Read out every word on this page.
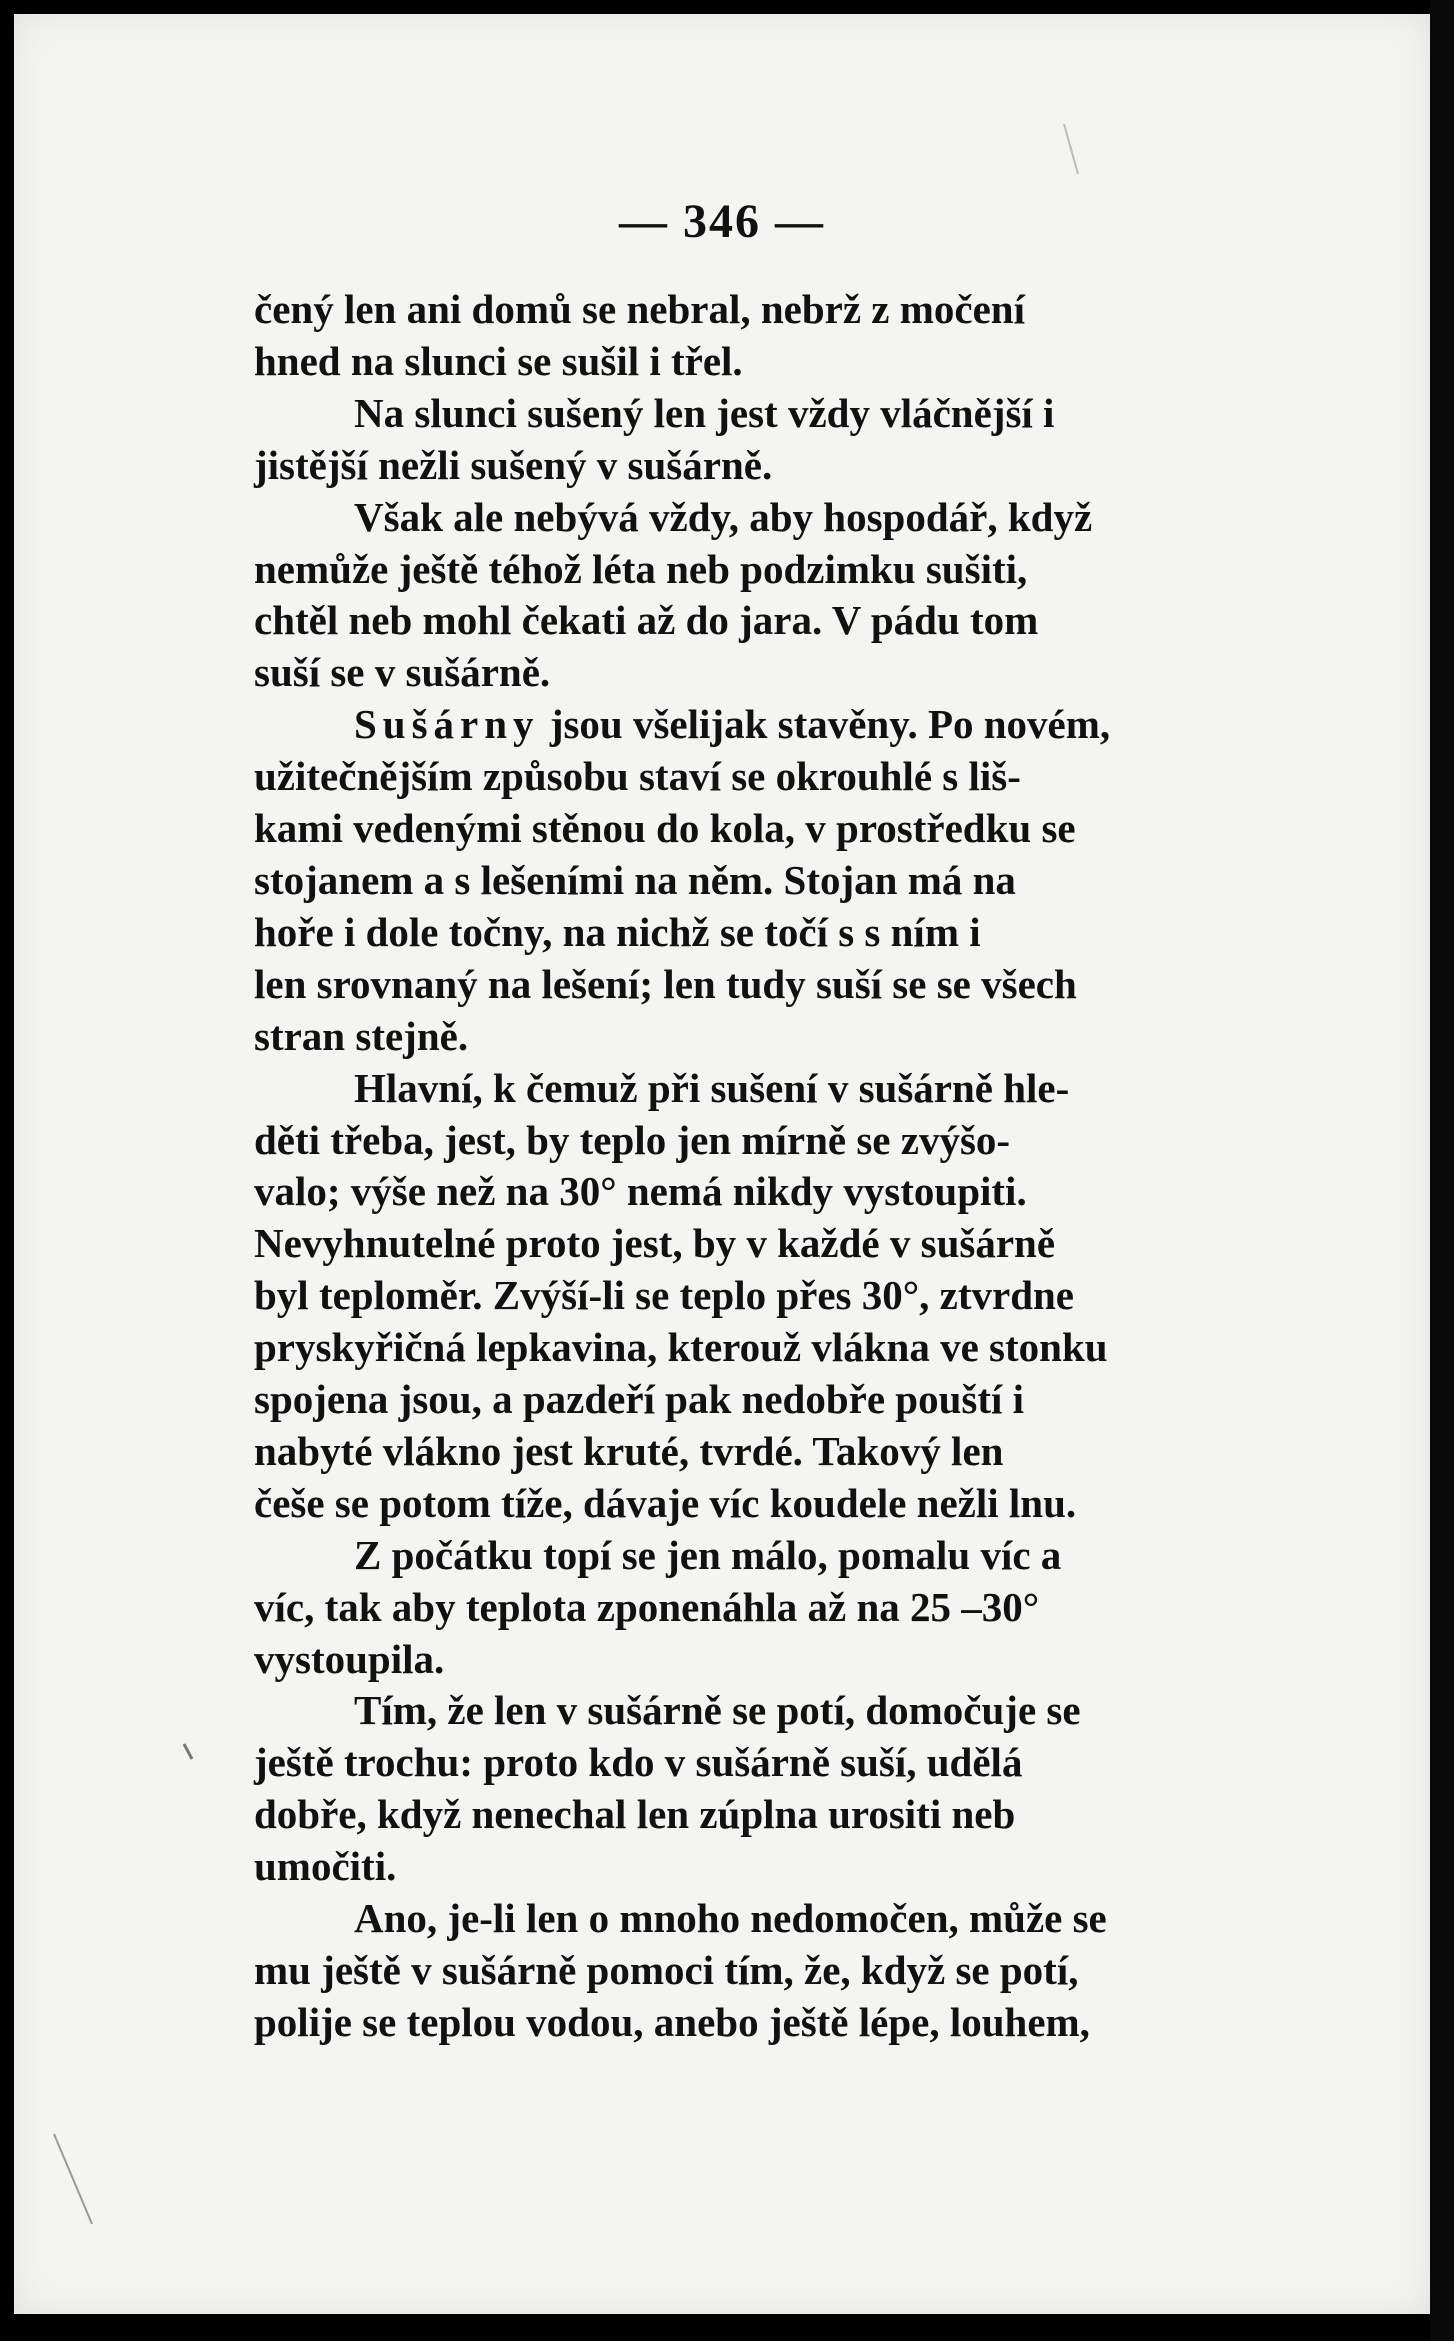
— 346 —

čený len ani domů se nebral, nebrž z močení
hned na slunci se sušil i třel.

Na slunci sušený len jest vždy vláčnější i
jistější nežli sušený v sušárně.

Však ale nebývá vždy, aby hospodář, když
nemůže ještě téhož léta neb podzimku sušiti,
chtěl neb mohl čekati až do jara. V pádu tom
suší se v sušárně.

Sušárny jsou všelijak stavěny. Po novém,
užitečnějším způsobu staví se okrouhlé s liš-
kami vedenými stěnou do kola, v prostředku se
stojanem a s lešeními na něm. Stojan má na
hoře i dole točny, na nichž se točí s s ním i
len srovnaný na lešení; len tudy suší se se všech
stran stejně.

Hlavní, k čemuž při sušení v sušárně hle-
děti třeba, jest, by teplo jen mírně se zvýšo-
valo; výše než na 30° nemá nikdy vystoupiti.
Nevyhnutelné proto jest, by v každé v sušárně
byl teploměr. Zvýší-li se teplo přes 30°, ztvrdne
pryskyřičná lepkavina, kterouž vlákna ve stonku
spojena jsou, a pazdeří pak nedobře pouští i
nabyté vlákno jest kruté, tvrdé. Takový len
češe se potom tíže, dávaje víc koudele nežli lnu.

Z počátku topí se jen málo, pomalu víc a
víc, tak aby teplota zponenáhla až na 25 –30°
vystoupila.

Tím, že len v sušárně se potí, domočuje se
ještě trochu: proto kdo v sušárně suší, udělá
dobře, když nenechal len zúplna urositi neb
umočiti.

Ano, je-li len o mnoho nedomočen, může se
mu ještě v sušárně pomoci tím, že, když se potí,
polije se teplou vodou, anebo ještě lépe, louhem,
